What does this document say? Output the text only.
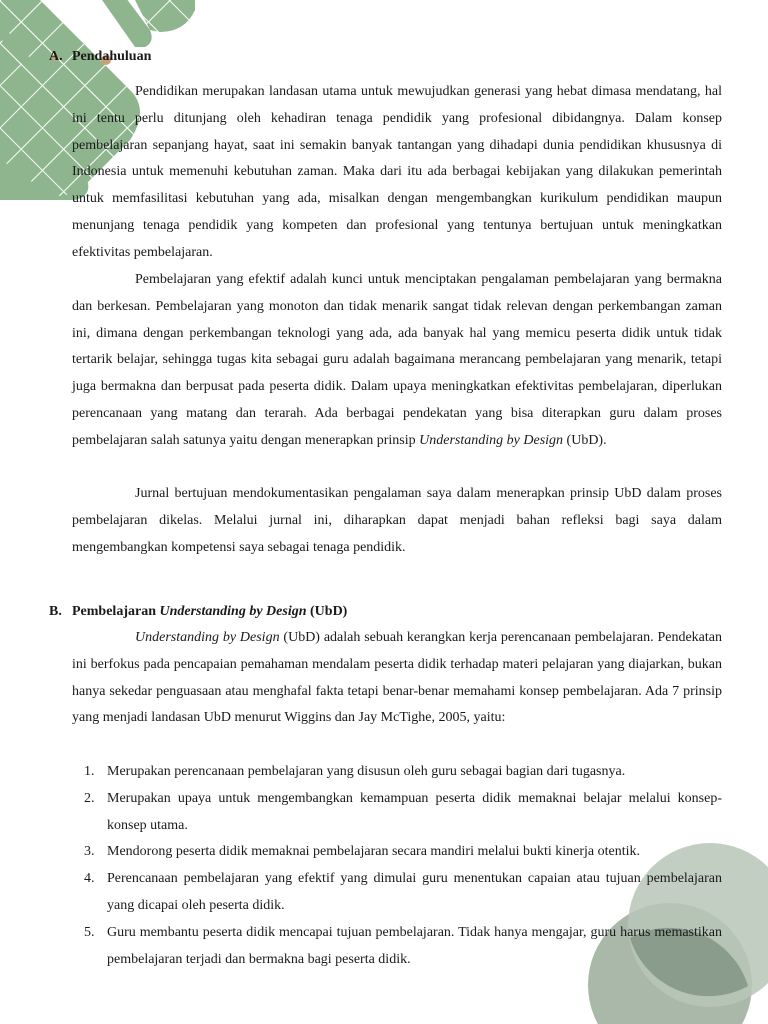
A. Pendahuluan

Pendidikan merupakan landasan utama untuk mewujudkan generasi yang hebat dimasa mendatang, hal ini tentu perlu ditunjang oleh kehadiran tenaga pendidik yang profesional dibidangnya. Dalam konsep pembelajaran sepanjang hayat, saat ini semakin banyak tantangan yang dihadapi dunia pendidikan khususnya di Indonesia untuk memenuhi kebutuhan zaman. Maka dari itu ada berbagai kebijakan yang dilakukan pemerintah untuk memfasilitasi kebutuhan yang ada, misalkan dengan mengembangkan kurikulum pendidikan maupun menunjang tenaga pendidik yang kompeten dan profesional yang tentunya bertujuan untuk meningkatkan efektivitas pembelajaran.

Pembelajaran yang efektif adalah kunci untuk menciptakan pengalaman pembelajaran yang bermakna dan berkesan. Pembelajaran yang monoton dan tidak menarik sangat tidak relevan dengan perkembangan zaman ini, dimana dengan perkembangan teknologi yang ada, ada banyak hal yang memicu peserta didik untuk tidak tertarik belajar, sehingga tugas kita sebagai guru adalah bagaimana merancang pembelajaran yang menarik, tetapi juga bermakna dan berpusat pada peserta didik. Dalam upaya meningkatkan efektivitas pembelajaran, diperlukan perencanaan yang matang dan terarah. Ada berbagai pendekatan yang bisa diterapkan guru dalam proses pembelajaran salah satunya yaitu dengan menerapkan prinsip Understanding by Design (UbD).

Jurnal bertujuan mendokumentasikan pengalaman saya dalam menerapkan prinsip UbD dalam proses pembelajaran dikelas. Melalui jurnal ini, diharapkan dapat menjadi bahan refleksi bagi saya dalam mengembangkan kompetensi saya sebagai tenaga pendidik.

B. Pembelajaran Understanding by Design (UbD)

Understanding by Design (UbD) adalah sebuah kerangkan kerja perencanaan pembelajaran. Pendekatan ini berfokus pada pencapaian pemahaman mendalam peserta didik terhadap materi pelajaran yang diajarkan, bukan hanya sekedar penguasaan atau menghafal fakta tetapi benar-benar memahami konsep pembelajaran. Ada 7 prinsip yang menjadi landasan UbD menurut Wiggins dan Jay McTighe, 2005, yaitu:

1. Merupakan perencanaan pembelajaran yang disusun oleh guru sebagai bagian dari tugasnya.
2. Merupakan upaya untuk mengembangkan kemampuan peserta didik memaknai belajar melalui konsep-konsep utama.
3. Mendorong peserta didik memaknai pembelajaran secara mandiri melalui bukti kinerja otentik.
4. Perencanaan pembelajaran yang efektif yang dimulai guru menentukan capaian atau tujuan pembelajaran yang dicapai oleh peserta didik.
5. Guru membantu peserta didik mencapai tujuan pembelajaran. Tidak hanya mengajar, guru harus memastikan pembelajaran terjadi dan bermakna bagi peserta didik.
